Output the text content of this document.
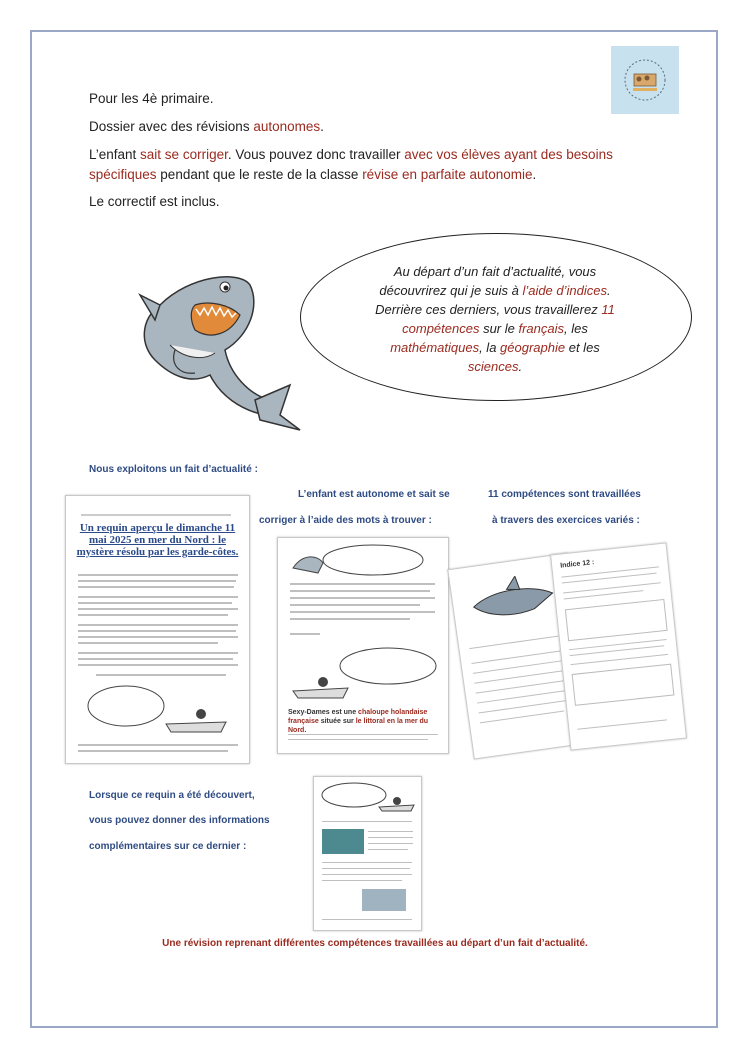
Pour les 4è primaire.

Dossier avec des révisions autonomes.

L’enfant sait se corriger. Vous pouvez donc travailler avec vos élèves ayant des besoins spécifiques pendant que le reste de la classe révise en parfaite autonomie.

Le correctif est inclus.

Au départ d’un fait d’actualité, vous
découvrirez qui je suis à l’aide d’indices.
Derrière ces derniers, vous travaillerez 11
compétences sur le français, les
mathématiques, la géographie et les
sciences.
Nous exploitons un fait d’actualité :
L’enfant est autonome et sait se
corriger à l’aide des mots à trouver :
11 compétences sont travaillées
à travers des exercices variés :
Lorsque ce requin a été découvert,
vous pouvez donner des informations
complémentaires sur ce dernier :
Un requin aperçu le dimanche 11 mai 2025 en mer du Nord : le mystère résolu par les garde-côtes.
Sexy-Dames est une chaloupe holandaise française située sur le littoral en la mer du Nord.
Indice 12 :
Une révision reprenant différentes compétences travaillées au départ d’un fait d’actualité.
